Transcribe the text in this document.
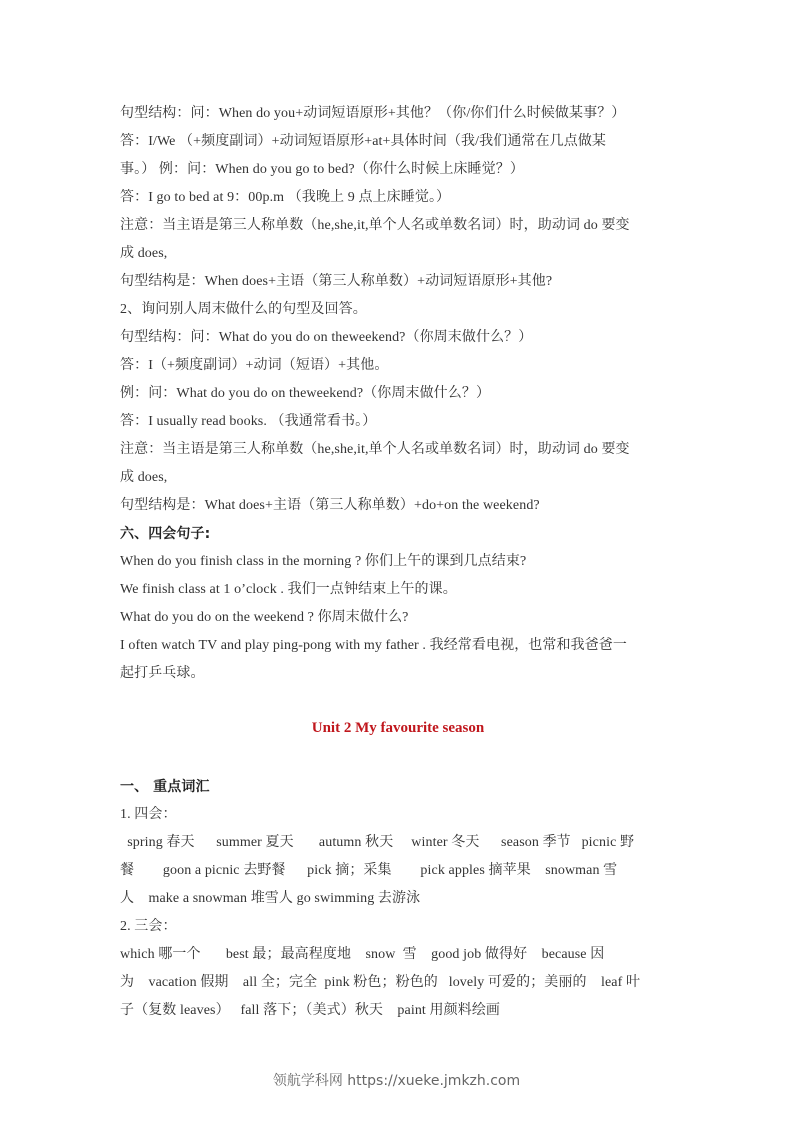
句型结构：问：When do you+动词短语原形+其他？（你/你们什么时候做某事？）
答：I/We （+频度副词）+动词短语原形+at+具体时间（我/我们通常在几点做某
事。） 例：问：When do you go to bed?（你什么时候上床睡觉？）
答：I go to bed at 9：00p.m （我晚上 9 点上床睡觉。）
注意：当主语是第三人称单数（he,she,it,单个人名或单数名词）时，助动词 do 要变
成 does,
句型结构是：When does+主语（第三人称单数）+动词短语原形+其他?
2、询问别人周末做什么的句型及回答。
句型结构：问：What do you do on theweekend?（你周末做什么？）
答：I（+频度副词）+动词（短语）+其他。
例：问：What do you do on theweekend?（你周末做什么？）
答：I usually read books. （我通常看书。）
注意：当主语是第三人称单数（he,she,it,单个人名或单数名词）时，助动词 do 要变
成 does,
句型结构是：What does+主语（第三人称单数）+do+on the weekend?
六、四会句子:
When do you finish class in the morning ? 你们上午的课到几点结束?
We finish class at 1 o’clock . 我们一点钟结束上午的课。
What do you do on the weekend ? 你周末做什么?
I often watch TV and play ping-pong with my father . 我经常看电视，也常和我爸爸一
起打乒乓球。
Unit 2 My favourite season
一、 重点词汇
1. 四会：
spring 春天      summer 夏天       autumn 秋天     winter 冬天      season 季节   picnic 野
餐        goon a picnic 去野餐      pick 摘；采集        pick apples 摘苹果    snowman 雪
人    make a snowman 堆雪人 go swimming 去游泳
2. 三会：
which 哪一个       best 最；最高程度地    snow  雪    good job 做得好    because 因
为    vacation 假期    all 全；完全  pink 粉色；粉色的   lovely 可爱的；美丽的    leaf 叶
子（复数 leaves）   fall 落下；（美式）秋天    paint 用颜料绘画
领航学科网 https://xueke.jmkzh.com
